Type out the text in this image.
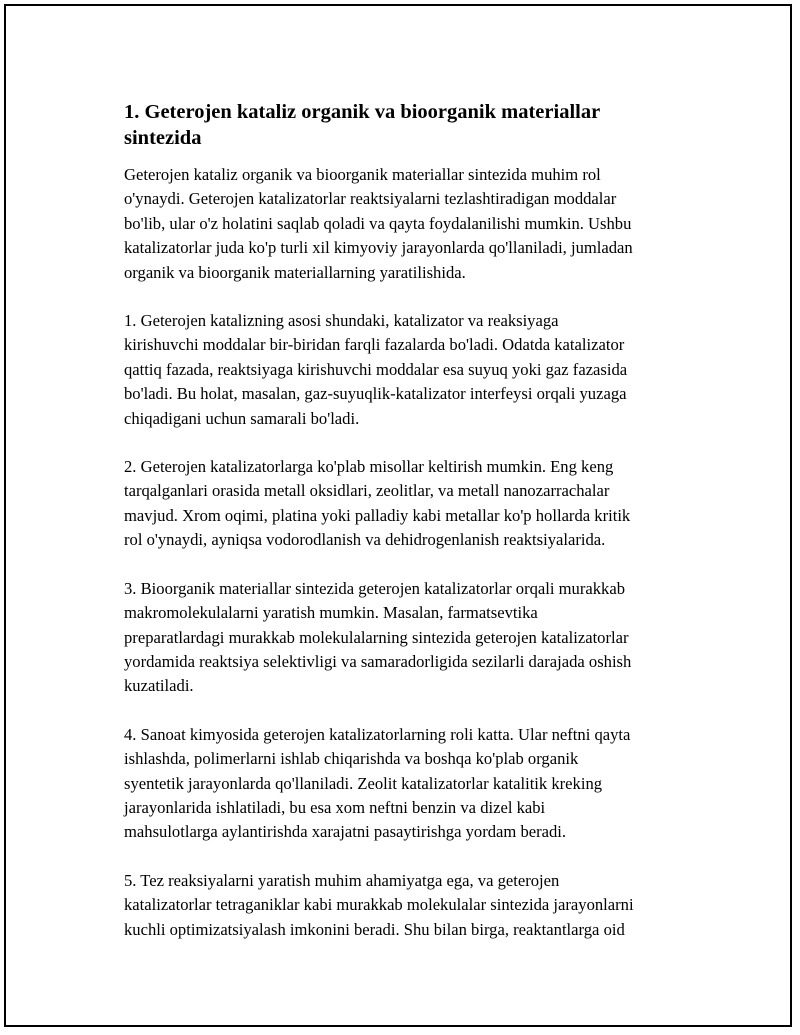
1. Geterojen kataliz organik va bioorganik materiallar
sintezida

Geterojen kataliz organik va bioorganik materiallar sintezida muhim rol
o'ynaydi. Geterojen katalizatorlar reaktsiyalarni tezlashtiradigan moddalar
bo'lib, ular o'z holatini saqlab qoladi va qayta foydalanilishi mumkin. Ushbu
katalizatorlar juda ko'p turli xil kimyoviy jarayonlarda qo'llaniladi, jumladan
organik va bioorganik materiallarning yaratilishida.

1. Geterojen katalizning asosi shundaki, katalizator va reaksiyaga
kirishuvchi moddalar bir-biridan farqli fazalarda bo'ladi. Odatda katalizator
qattiq fazada, reaktsiyaga kirishuvchi moddalar esa suyuq yoki gaz fazasida
bo'ladi. Bu holat, masalan, gaz-suyuqlik-katalizator interfeysi orqali yuzaga
chiqadigani uchun samarali bo'ladi.

2. Geterojen katalizatorlarga ko'plab misollar keltirish mumkin. Eng keng
tarqalganlari orasida metall oksidlari, zeolitlar, va metall nanozarrachalar
mavjud. Xrom oqimi, platina yoki palladiy kabi metallar ko'p hollarda kritik
rol o'ynaydi, ayniqsa vodorodlanish va dehidrogenlanish reaktsiyalarida.

3. Bioorganik materiallar sintezida geterojen katalizatorlar orqali murakkab
makromolekulalarni yaratish mumkin. Masalan, farmatsevtika
preparatlardagi murakkab molekulalarning sintezida geterojen katalizatorlar
yordamida reaktsiya selektivligi va samaradorligida sezilarli darajada oshish
kuzatiladi.

4. Sanoat kimyosida geterojen katalizatorlarning roli katta. Ular neftni qayta
ishlashda, polimerlarni ishlab chiqarishda va boshqa ko'plab organik
syentetik jarayonlarda qo'llaniladi. Zeolit katalizatorlar katalitik kreking
jarayonlarida ishlatiladi, bu esa xom neftni benzin va dizel kabi
mahsulotlarga aylantirishda xarajatni pasaytirishga yordam beradi.

5. Tez reaksiyalarni yaratish muhim ahamiyatga ega, va geterojen
katalizatorlar tetraganiklar kabi murakkab molekulalar sintezida jarayonlarni
kuchli optimizatsiyalash imkonini beradi. Shu bilan birga, reaktantlarga oid
